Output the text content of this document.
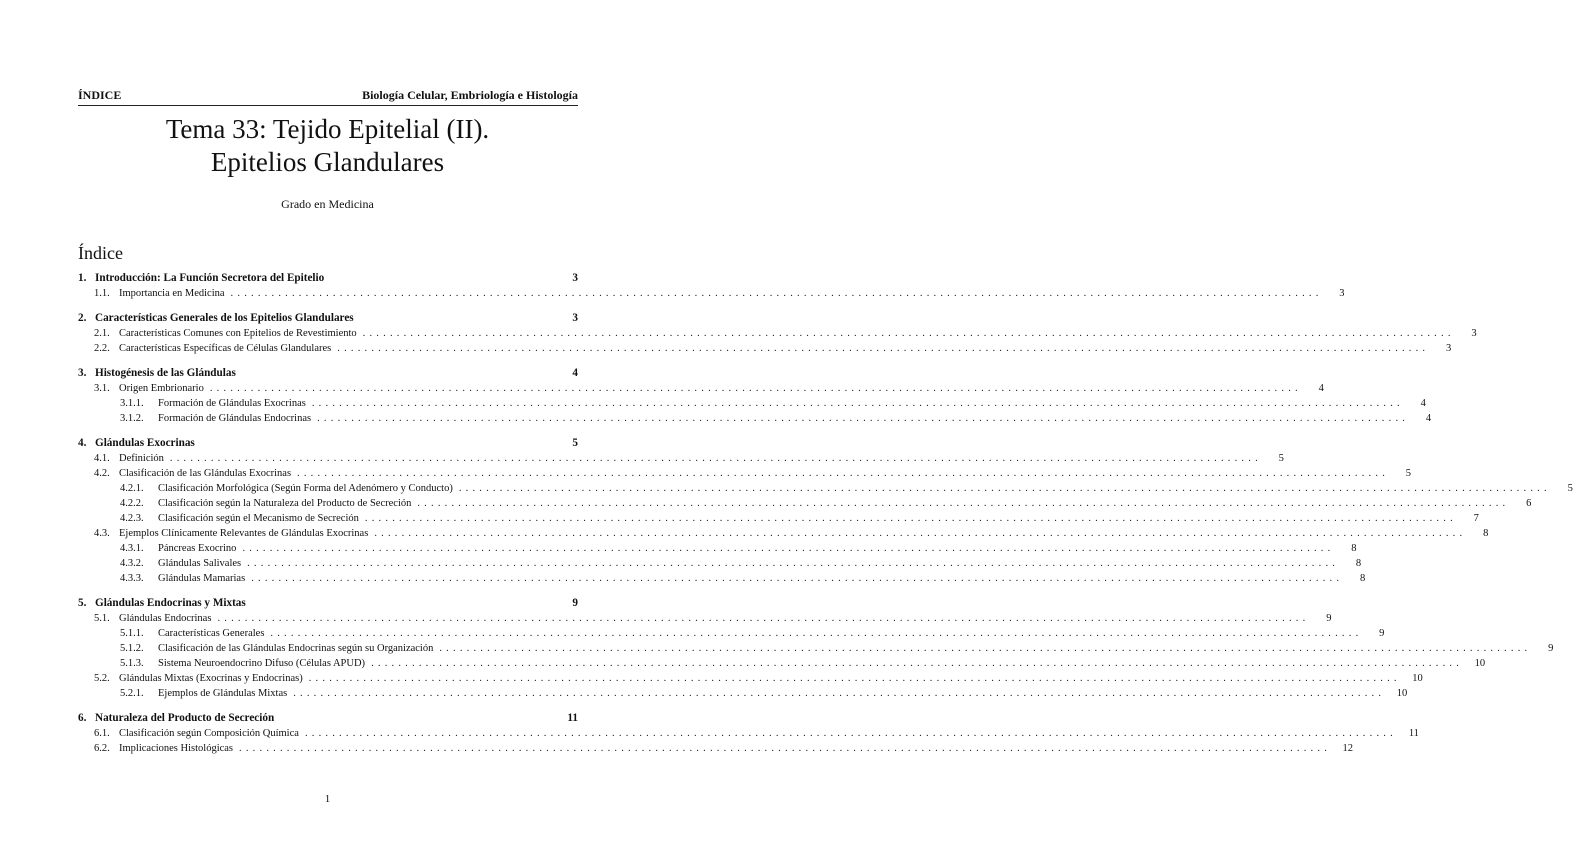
ÍNDICE	Biología Celular, Embriología e Histología
Tema 33: Tejido Epitelial (II).
Epitelios Glandulares
Grado en Medicina
Índice
1. Introducción: La Función Secretora del Epitelio	3
1.1. Importancia en Medicina ................................................................................................................................................................	3
2. Características Generales de los Epitelios Glandulares	3
2.1. Características Comunes con Epitelios de Revestimiento ................................................................................................................................................................	3
2.2. Características Específicas de Células Glandulares ................................................................................................................................................................	3
3. Histogénesis de las Glándulas	4
3.1. Origen Embrionario ................................................................................................................................................................	4
3.1.1.	Formación de Glándulas Exocrinas ................................................................................................................................................................	4
3.1.2.	Formación de Glándulas Endocrinas ................................................................................................................................................................	4
4. Glándulas Exocrinas	5
4.1. Definición ................................................................................................................................................................	5
4.2. Clasificación de las Glándulas Exocrinas ................................................................................................................................................................	5
4.2.1.	Clasificación Morfológica (Según Forma del Adenómero y Conducto) ................................................................................................................................................................	5
4.2.2.	Clasificación según la Naturaleza del Producto de Secreción ................................................................................................................................................................	6
4.2.3.	Clasificación según el Mecanismo de Secreción ................................................................................................................................................................	7
4.3. Ejemplos Clínicamente Relevantes de Glándulas Exocrinas ................................................................................................................................................................	8
4.3.1.	Páncreas Exocrino ................................................................................................................................................................	8
4.3.2.	Glándulas Salivales ................................................................................................................................................................	8
4.3.3.	Glándulas Mamarias ................................................................................................................................................................	8
5. Glándulas Endocrinas y Mixtas	9
5.1. Glándulas Endocrinas ................................................................................................................................................................	9
5.1.1.	Características Generales ................................................................................................................................................................	9
5.1.2.	Clasificación de las Glándulas Endocrinas según su Organización ................................................................................................................................................................	9
5.1.3.	Sistema Neuroendocrino Difuso (Células APUD) ................................................................................................................................................................	10
5.2. Glándulas Mixtas (Exocrinas y Endocrinas) ................................................................................................................................................................	10
5.2.1.	Ejemplos de Glándulas Mixtas ................................................................................................................................................................	10
6. Naturaleza del Producto de Secreción	11
6.1. Clasificación según Composición Química ................................................................................................................................................................	11
6.2. Implicaciones Histológicas ................................................................................................................................................................	12
1
